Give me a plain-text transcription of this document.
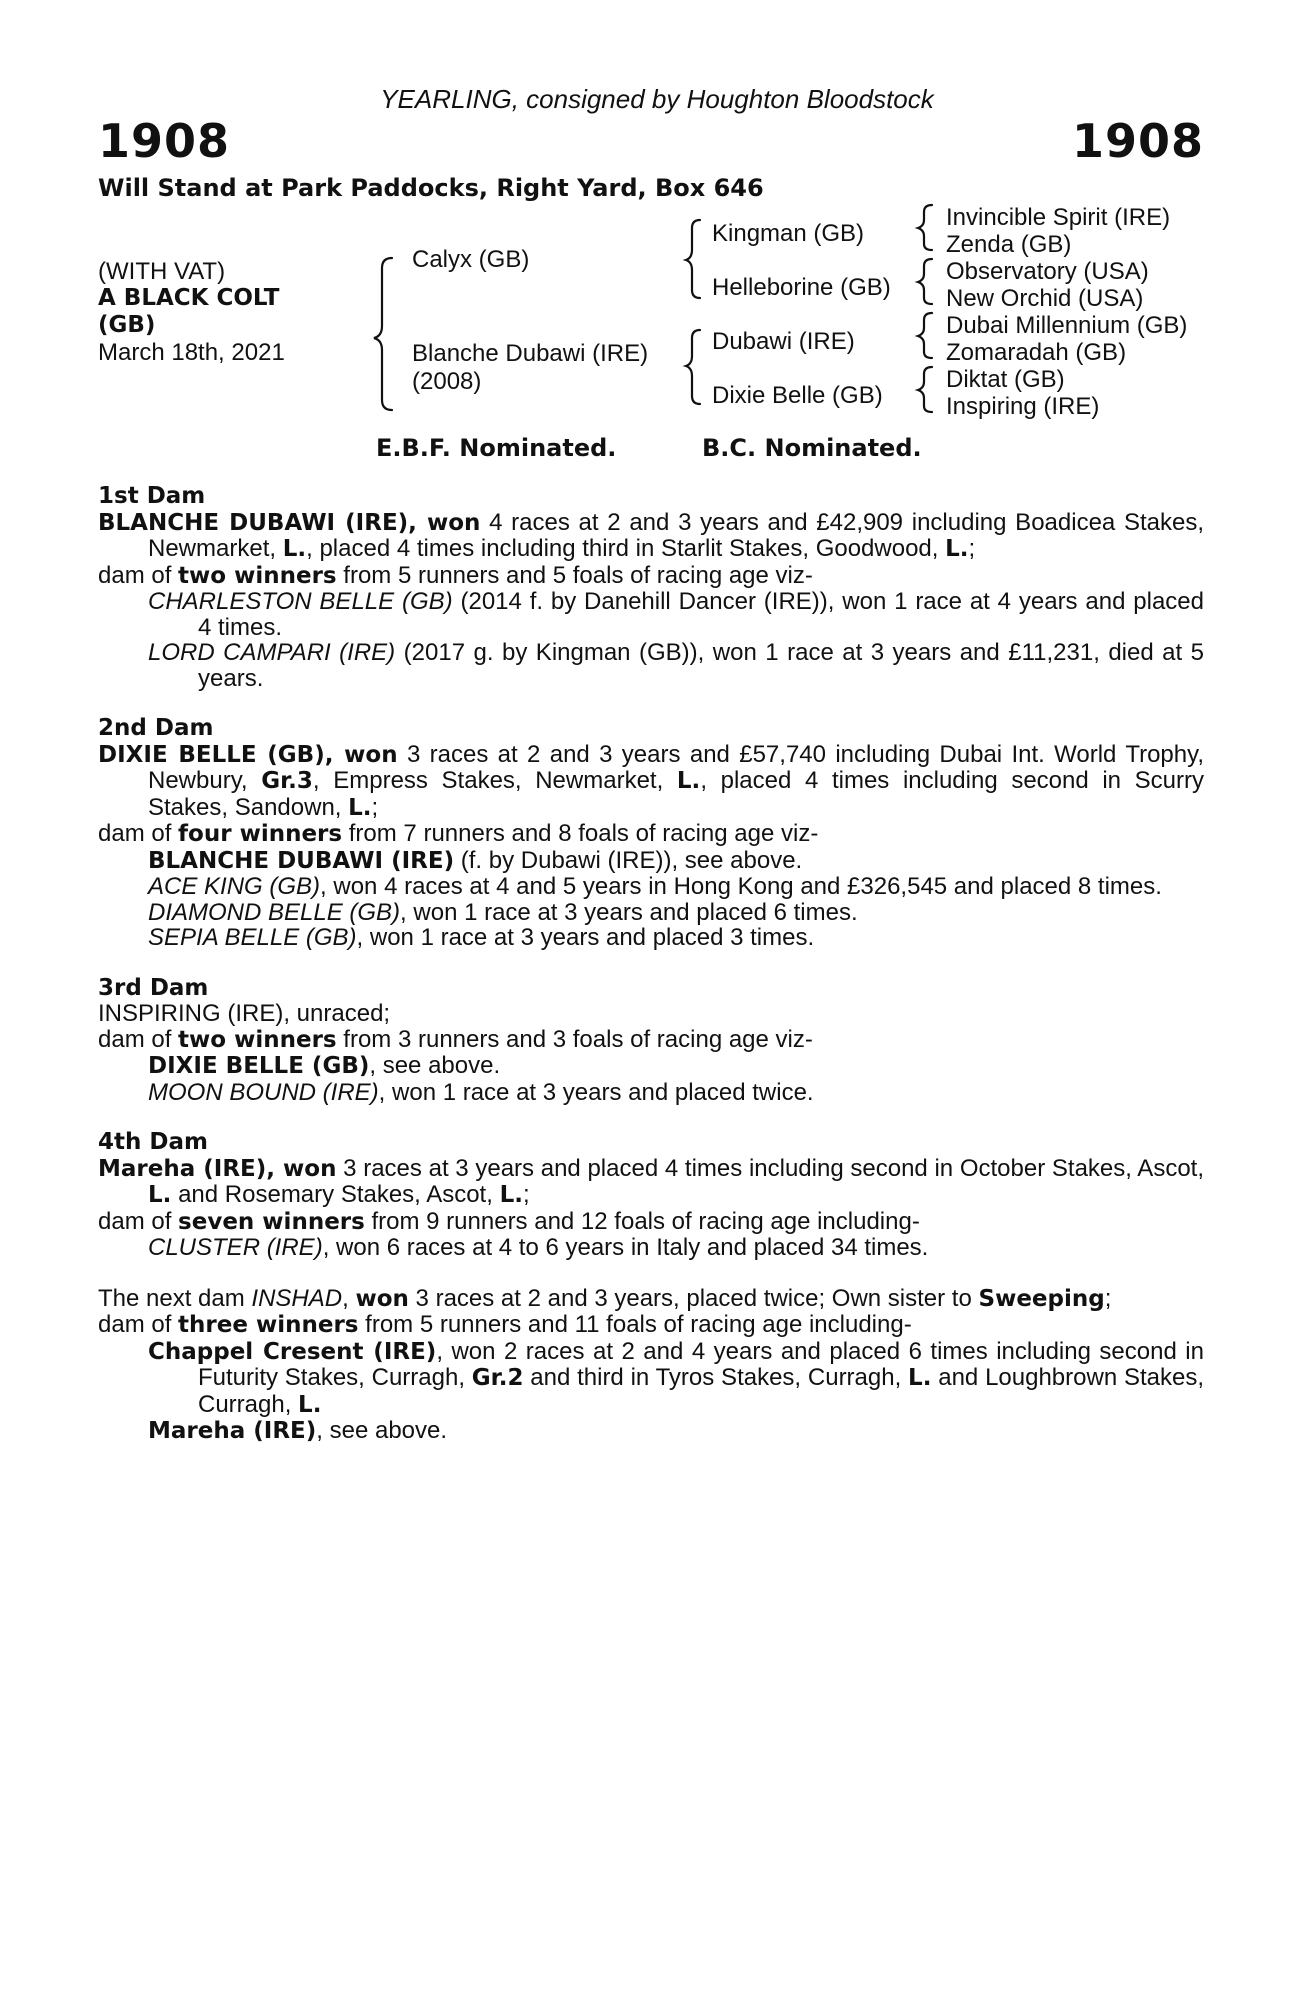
YEARLING, consigned by Houghton Bloodstock
1908	1908
Will Stand at Park Paddocks, Right Yard, Box 646
(WITH VAT)
A BLACK COLT
(GB)
March 18th, 2021
Calyx (GB)
Blanche Dubawi (IRE)
(2008)
Kingman (GB)
Helleborine (GB)
Dubawi (IRE)
Dixie Belle (GB)
Invincible Spirit (IRE)
Zenda (GB)
Observatory (USA)
New Orchid (USA)
Dubai Millennium (GB)
Zomaradah (GB)
Diktat (GB)
Inspiring (IRE)
E.B.F. Nominated.	B.C. Nominated.

1st Dam

BLANCHE DUBAWI (IRE), won 4 races at 2 and 3 years and £42,909 including Boadicea Stakes, Newmarket, L., placed 4 times including third in Starlit Stakes, Goodwood, L.;

dam of two winners from 5 runners and 5 foals of racing age viz-

CHARLESTON BELLE (GB) (2014 f. by Danehill Dancer (IRE)), won 1 race at 4 years and placed 4 times.

LORD CAMPARI (IRE) (2017 g. by Kingman (GB)), won 1 race at 3 years and £11,231, died at 5 years.

2nd Dam

DIXIE BELLE (GB), won 3 races at 2 and 3 years and £57,740 including Dubai Int. World Trophy, Newbury, Gr.3, Empress Stakes, Newmarket, L., placed 4 times including second in Scurry Stakes, Sandown, L.;

dam of four winners from 7 runners and 8 foals of racing age viz-

BLANCHE DUBAWI (IRE) (f. by Dubawi (IRE)), see above.

ACE KING (GB), won 4 races at 4 and 5 years in Hong Kong and £326,545 and placed 8 times.

DIAMOND BELLE (GB), won 1 race at 3 years and placed 6 times.

SEPIA BELLE (GB), won 1 race at 3 years and placed 3 times.

3rd Dam

INSPIRING (IRE), unraced;

dam of two winners from 3 runners and 3 foals of racing age viz-

DIXIE BELLE (GB), see above.

MOON BOUND (IRE), won 1 race at 3 years and placed twice.

4th Dam

Mareha (IRE), won 3 races at 3 years and placed 4 times including second in October Stakes, Ascot, L. and Rosemary Stakes, Ascot, L.;

dam of seven winners from 9 runners and 12 foals of racing age including-

CLUSTER (IRE), won 6 races at 4 to 6 years in Italy and placed 34 times.

The next dam INSHAD, won 3 races at 2 and 3 years, placed twice; Own sister to Sweeping;

dam of three winners from 5 runners and 11 foals of racing age including-

Chappel Cresent (IRE), won 2 races at 2 and 4 years and placed 6 times including second in Futurity Stakes, Curragh, Gr.2 and third in Tyros Stakes, Curragh, L. and Loughbrown Stakes, Curragh, L.

Mareha (IRE), see above.
